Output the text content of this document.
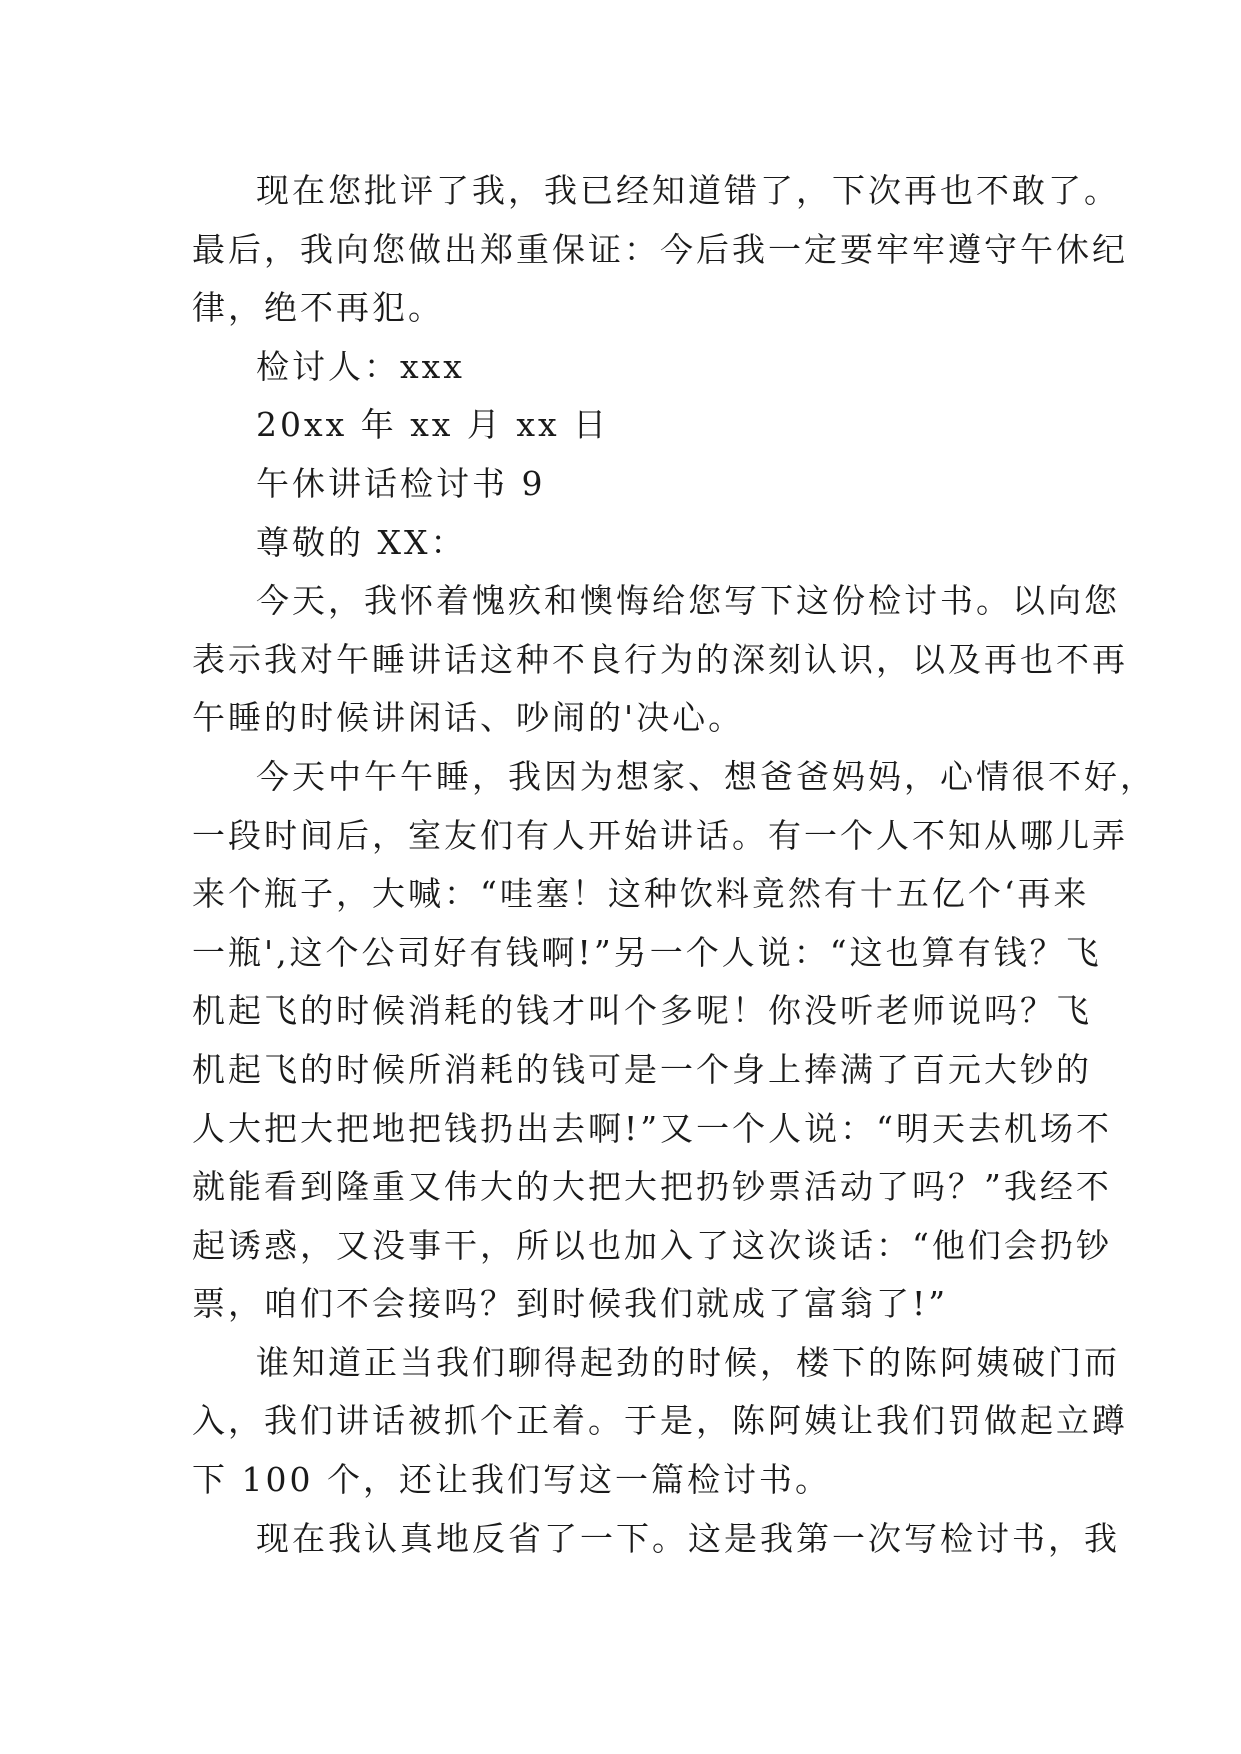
现在您批评了我，我已经知道错了，下次再也不敢了。
最后，我向您做出郑重保证：今后我一定要牢牢遵守午休纪
律，绝不再犯。
检讨人：xxx
20xx 年 xx 月 xx 日
午休讲话检讨书 9
尊敬的 XX：
今天，我怀着愧疚和懊悔给您写下这份检讨书。以向您
表示我对午睡讲话这种不良行为的深刻认识，以及再也不再
午睡的时候讲闲话、吵闹的'决心。
今天中午午睡，我因为想家、想爸爸妈妈，心情很不好，
一段时间后，室友们有人开始讲话。有一个人不知从哪儿弄
来个瓶子，大喊：“哇塞！这种饮料竟然有十五亿个‘再来
一瓶',这个公司好有钱啊!”另一个人说：“这也算有钱？飞
机起飞的时候消耗的钱才叫个多呢！你没听老师说吗？飞
机起飞的时候所消耗的钱可是一个身上捧满了百元大钞的
人大把大把地把钱扔出去啊!”又一个人说：“明天去机场不
就能看到隆重又伟大的大把大把扔钞票活动了吗？”我经不
起诱惑，又没事干，所以也加入了这次谈话：“他们会扔钞
票，咱们不会接吗？到时候我们就成了富翁了!”
谁知道正当我们聊得起劲的时候，楼下的陈阿姨破门而
入，我们讲话被抓个正着。于是，陈阿姨让我们罚做起立蹲
下 100 个，还让我们写这一篇检讨书。
现在我认真地反省了一下。这是我第一次写检讨书，我
